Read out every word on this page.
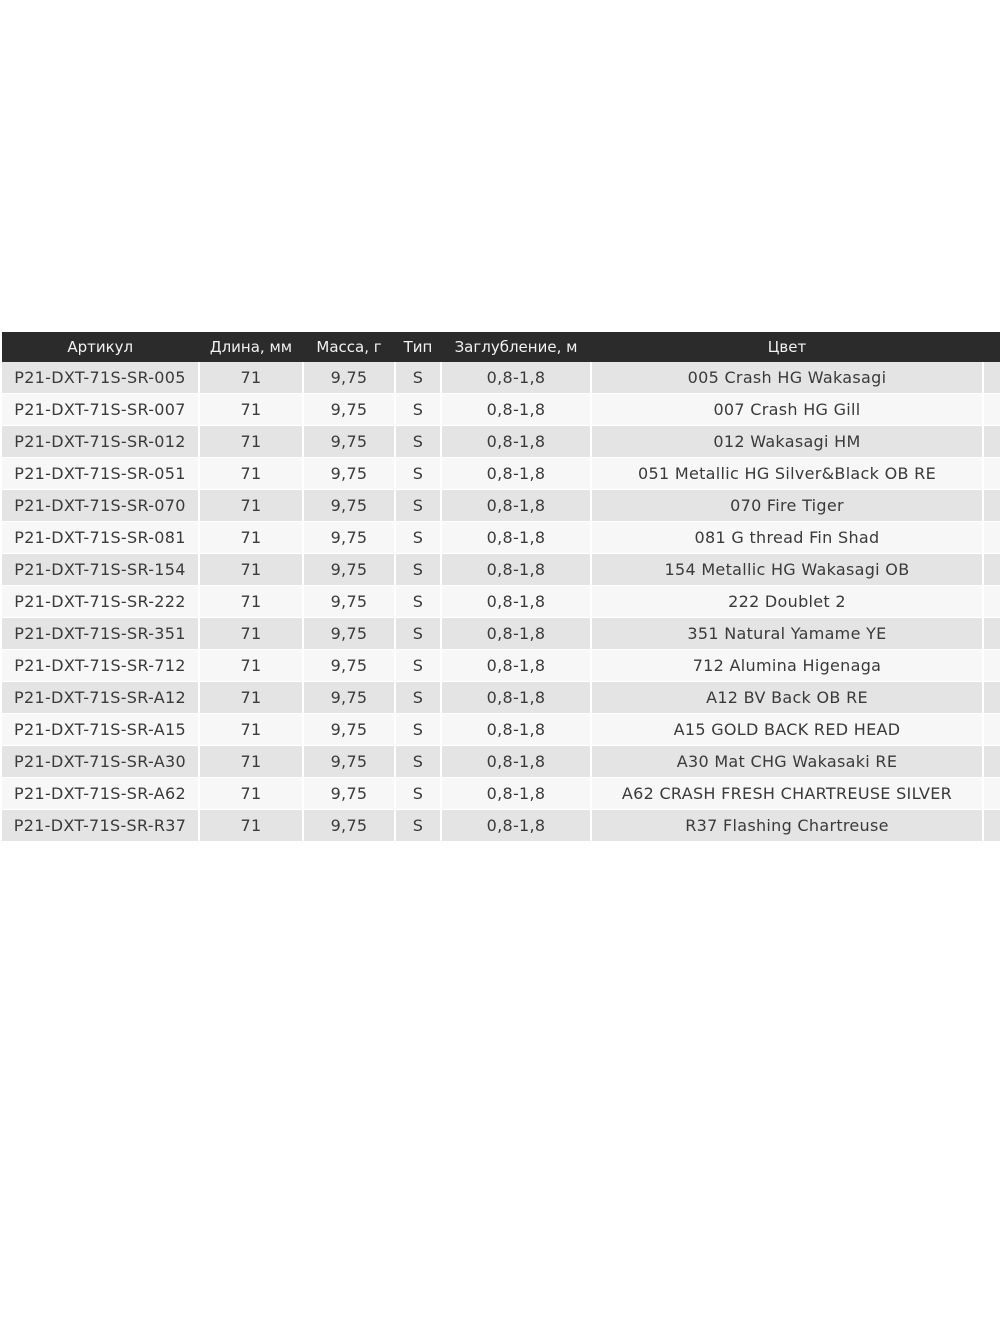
Артикул	Длина, мм	Масса, г	Тип	Заглубление, м	Цвет	
P21-DXT-71S-SR-005	71	9,75	S	0,8-1,8	005 Crash HG Wakasagi	
P21-DXT-71S-SR-007	71	9,75	S	0,8-1,8	007 Crash HG Gill	
P21-DXT-71S-SR-012	71	9,75	S	0,8-1,8	012 Wakasagi HM	
P21-DXT-71S-SR-051	71	9,75	S	0,8-1,8	051 Metallic HG Silver&Black OB RE	
P21-DXT-71S-SR-070	71	9,75	S	0,8-1,8	070 Fire Tiger	
P21-DXT-71S-SR-081	71	9,75	S	0,8-1,8	081 G thread Fin Shad	
P21-DXT-71S-SR-154	71	9,75	S	0,8-1,8	154 Metallic HG Wakasagi OB	
P21-DXT-71S-SR-222	71	9,75	S	0,8-1,8	222 Doublet 2	
P21-DXT-71S-SR-351	71	9,75	S	0,8-1,8	351 Natural Yamame YE	
P21-DXT-71S-SR-712	71	9,75	S	0,8-1,8	712 Alumina Higenaga	
P21-DXT-71S-SR-A12	71	9,75	S	0,8-1,8	A12 BV Back OB RE	
P21-DXT-71S-SR-A15	71	9,75	S	0,8-1,8	A15 GOLD BACK RED HEAD	
P21-DXT-71S-SR-A30	71	9,75	S	0,8-1,8	A30 Mat CHG Wakasaki RE	
P21-DXT-71S-SR-A62	71	9,75	S	0,8-1,8	A62 CRASH FRESH CHARTREUSE SILVER	
P21-DXT-71S-SR-R37	71	9,75	S	0,8-1,8	R37 Flashing Chartreuse	
